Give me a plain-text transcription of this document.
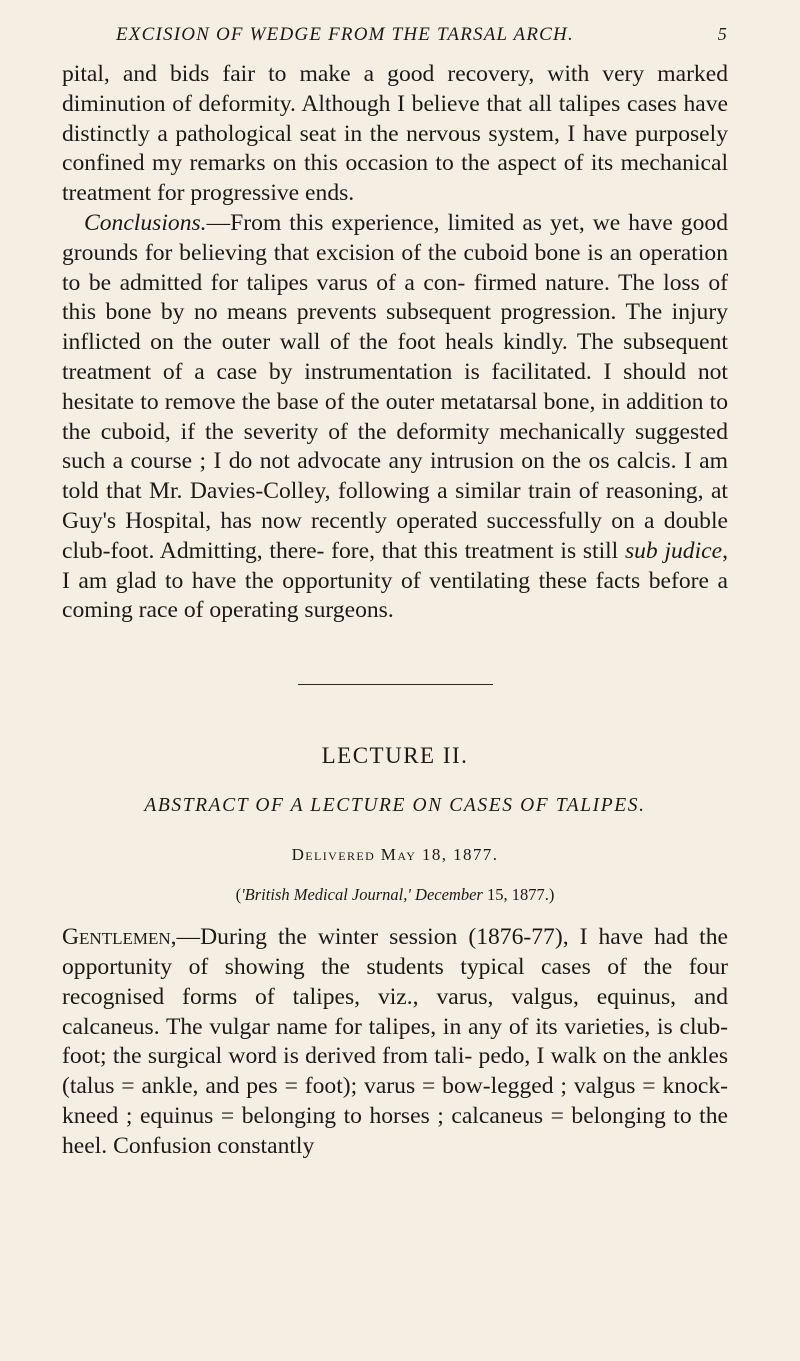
EXCISION OF WEDGE FROM THE TARSAL ARCH.	5

pital, and bids fair to make a good recovery, with very marked diminution of deformity. Although I believe that all talipes cases have distinctly a pathological seat in the nervous system, I have purposely confined my remarks on this occasion to the aspect of its mechanical treatment for progressive ends.

Conclusions.—From this experience, limited as yet, we have good grounds for believing that excision of the cuboid bone is an operation to be admitted for talipes varus of a con- firmed nature. The loss of this bone by no means prevents subsequent progression. The injury inflicted on the outer wall of the foot heals kindly. The subsequent treatment of a case by instrumentation is facilitated. I should not hesitate to remove the base of the outer metatarsal bone, in addition to the cuboid, if the severity of the deformity mechanically suggested such a course ; I do not advocate any intrusion on the os calcis. I am told that Mr. Davies-Colley, following a similar train of reasoning, at Guy's Hospital, has now recently operated successfully on a double club-foot. Admitting, there- fore, that this treatment is still sub judice, I am glad to have the opportunity of ventilating these facts before a coming race of operating surgeons.

LECTURE II.
ABSTRACT OF A LECTURE ON CASES OF TALIPES.

Delivered May 18, 1877.

('British Medical Journal,' December 15, 1877.)

Gentlemen,—During the winter session (1876-77), I have had the opportunity of showing the students typical cases of the four recognised forms of talipes, viz., varus, valgus, equinus, and calcaneus. The vulgar name for talipes, in any of its varieties, is club-foot; the surgical word is derived from tali- pedo, I walk on the ankles (talus = ankle, and pes = foot); varus = bow-legged ; valgus = knock-kneed ; equinus = belonging to horses ; calcaneus = belonging to the heel. Confusion constantly
